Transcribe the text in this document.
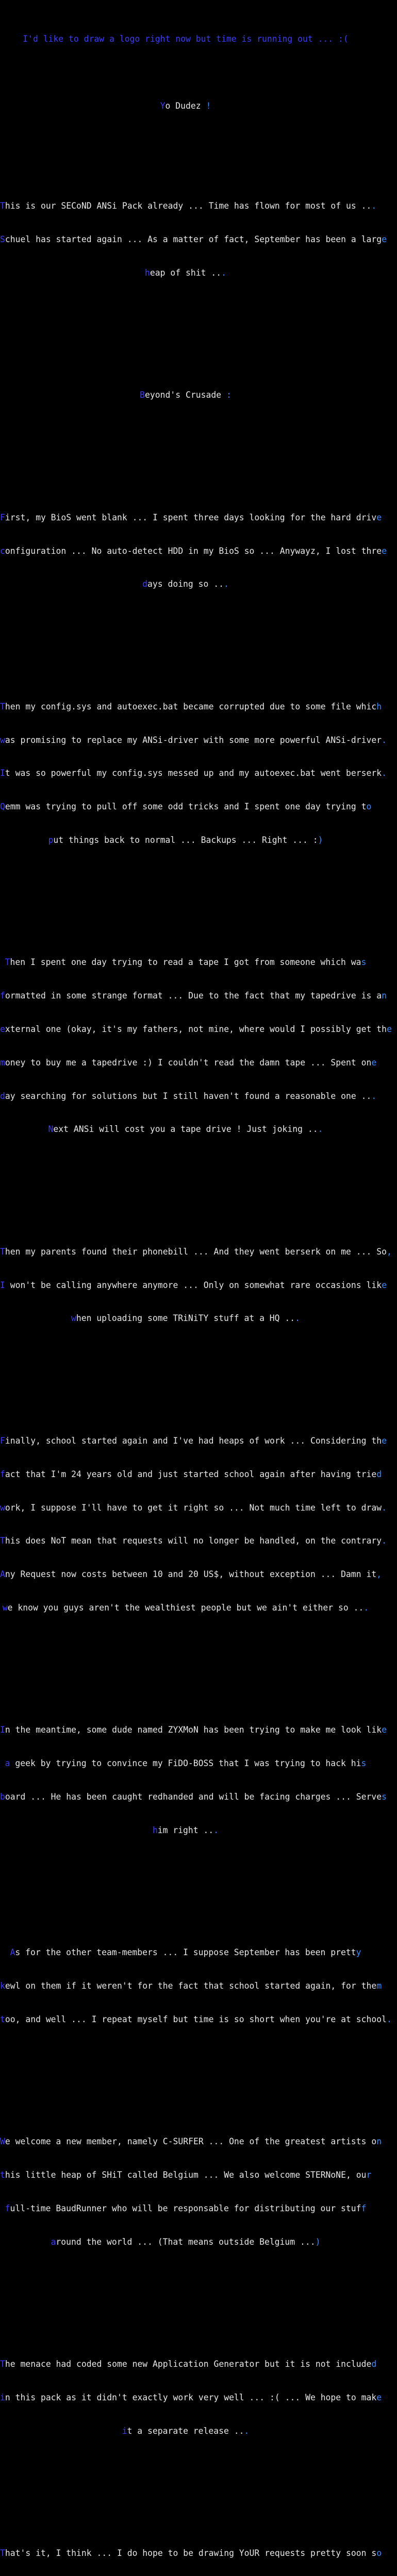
I'd like to draw a logo right now but time is running out ... :(

Yo Dudez !

This is our SECoND ANSi Pack already ... Time has flown for most of us ...

Schuel has started again ... As a matter of fact, September has been a large

heap of shit ...

Beyond's Crusade :

First, my BioS went blank ... I spent three days looking for the hard drive

configuration ... No auto-detect HDD in my BioS so ... Anywayz, I lost three

days doing so ...

Then my config.sys and autoexec.bat became corrupted due to some file which

was promising to replace my ANSi-driver with some more powerful ANSi-driver.

It was so powerful my config.sys messed up and my autoexec.bat went berserk.

Qemm was trying to pull off some odd tricks and I spent one day trying to

put things back to normal ... Backups ... Right ... :)

Then I spent one day trying to read a tape I got from someone which was

formatted in some strange format ... Due to the fact that my tapedrive is an

external one (okay, it's my fathers, not mine, where would I possibly get the

money to buy me a tapedrive :) I couldn't read the damn tape ... Spent one

day searching for solutions but I still haven't found a reasonable one ...

Next ANSi will cost you a tape drive ! Just joking ...

Then my parents found their phonebill ... And they went berserk on me ... So,

I won't be calling anywhere anymore ... Only on somewhat rare occasions like

when uploading some TRiNiTY stuff at a HQ ...

Finally, school started again and I've had heaps of work ... Considering the

fact that I'm 24 years old and just started school again after having tried

work, I suppose I'll have to get it right so ... Not much time left to draw.

This does NoT mean that requests will no longer be handled, on the contrary.

Any Request now costs between 10 and 20 US$, without exception ... Damn it,

we know you guys aren't the wealthiest people but we ain't either so ...

In the meantime, some dude named ZYXMoN has been trying to make me look like

a geek by trying to convince my FiDO-BOSS that I was trying to hack his

board ... He has been caught redhanded and will be facing charges ... Serves

him right ...

As for the other team-members ... I suppose September has been pretty

kewl on them if it weren't for the fact that school started again, for them

too, and well ... I repeat myself but time is so short when you're at school.

We welcome a new member, namely C-SURFER ... One of the greatest artists on

this little heap of SHiT called Belgium ... We also welcome STERNoNE, our

full-time BaudRunner who will be responsable for distributing our stuff

around the world ... (That means outside Belgium ...)

The menace had coded some new Application Generator but it is not included

in this pack as it didn't exactly work very well ... :( ... We hope to make

it a separate release ...

That's it, I think ... I do hope to be drawing YoUR requests pretty soon so
